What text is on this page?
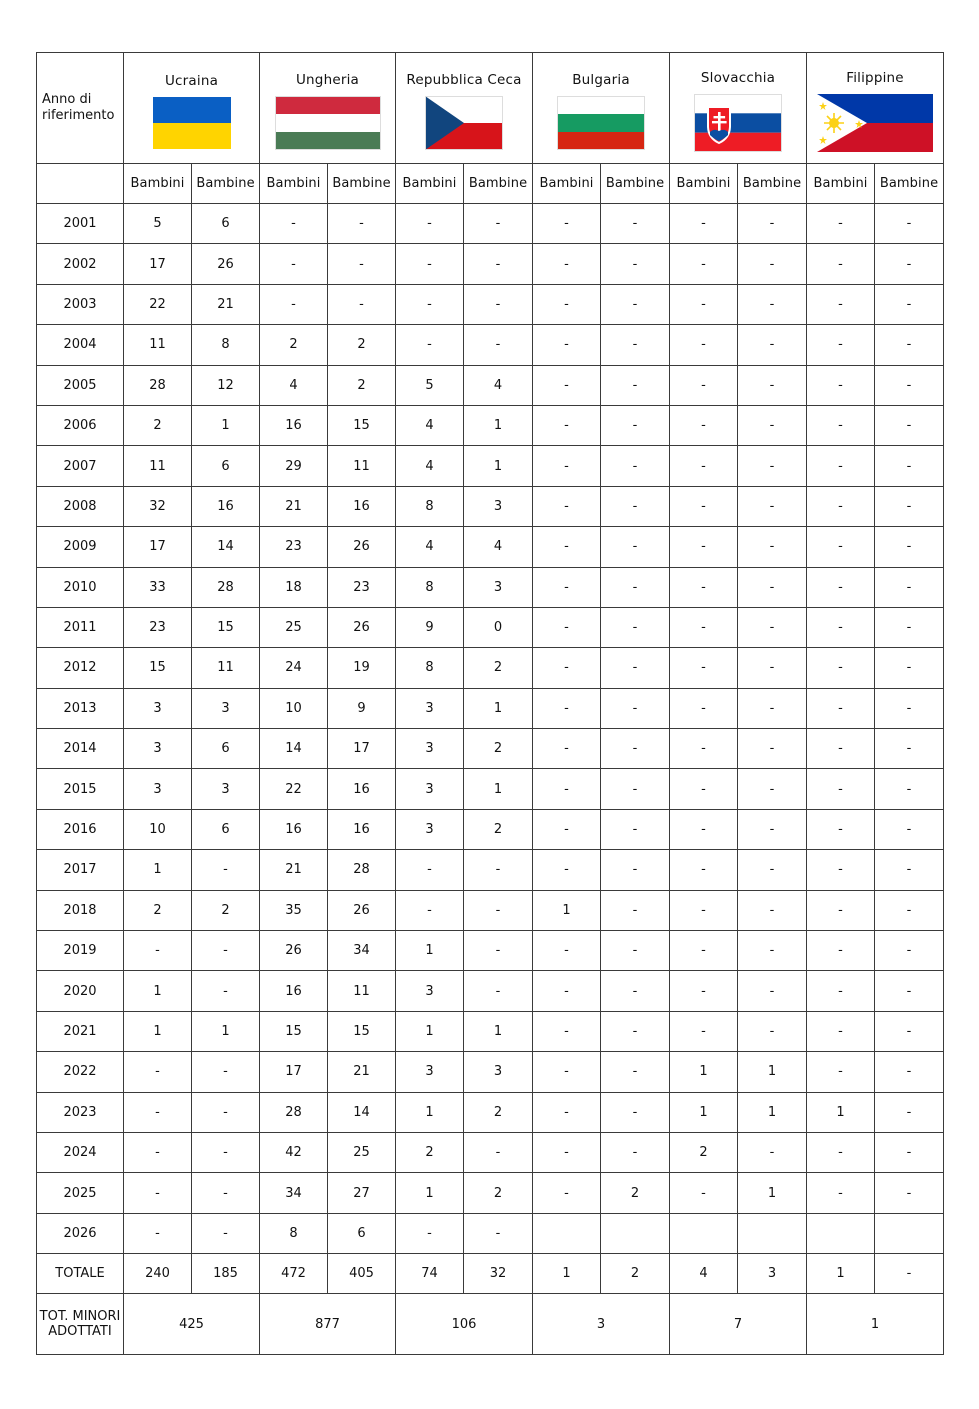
Anno di riferimento	Ucraina		Ungheria		Repubblica Ceca		Bulgaria		Slovacchia		Filippine	

	Bambini	Bambine	Bambini	Bambine	Bambini	Bambine	Bambini	Bambine	Bambini	Bambine	Bambini	Bambine
2001	5	6	-	-	-	-	-	-	-	-	-	-
2002	17	26	-	-	-	-	-	-	-	-	-	-
2003	22	21	-	-	-	-	-	-	-	-	-	-
2004	11	8	2	2	-	-	-	-	-	-	-	-
2005	28	12	4	2	5	4	-	-	-	-	-	-
2006	2	1	16	15	4	1	-	-	-	-	-	-
2007	11	6	29	11	4	1	-	-	-	-	-	-
2008	32	16	21	16	8	3	-	-	-	-	-	-
2009	17	14	23	26	4	4	-	-	-	-	-	-
2010	33	28	18	23	8	3	-	-	-	-	-	-
2011	23	15	25	26	9	0	-	-	-	-	-	-
2012	15	11	24	19	8	2	-	-	-	-	-	-
2013	3	3	10	9	3	1	-	-	-	-	-	-
2014	3	6	14	17	3	2	-	-	-	-	-	-
2015	3	3	22	16	3	1	-	-	-	-	-	-
2016	10	6	16	16	3	2	-	-	-	-	-	-
2017	1	-	21	28	-	-	-	-	-	-	-	-
2018	2	2	35	26	-	-	1	-	-	-	-	-
2019	-	-	26	34	1	-	-	-	-	-	-	-
2020	1	-	16	11	3	-	-	-	-	-	-	-
2021	1	1	15	15	1	1	-	-	-	-	-	-
2022	-	-	17	21	3	3	-	-	1	1	-	-
2023	-	-	28	14	1	2	-	-	1	1	1	-
2024	-	-	42	25	2	-	-	-	2	-	-	-
2025	-	-	34	27	1	2	-	2	-	1	-	-
2026	-	-	8	6	-	-						
TOTALE	240	185	472	405	74	32	1	2	4	3	1	-
TOT. MINORI ADOTTATI	425		877		106		3		7		1	
